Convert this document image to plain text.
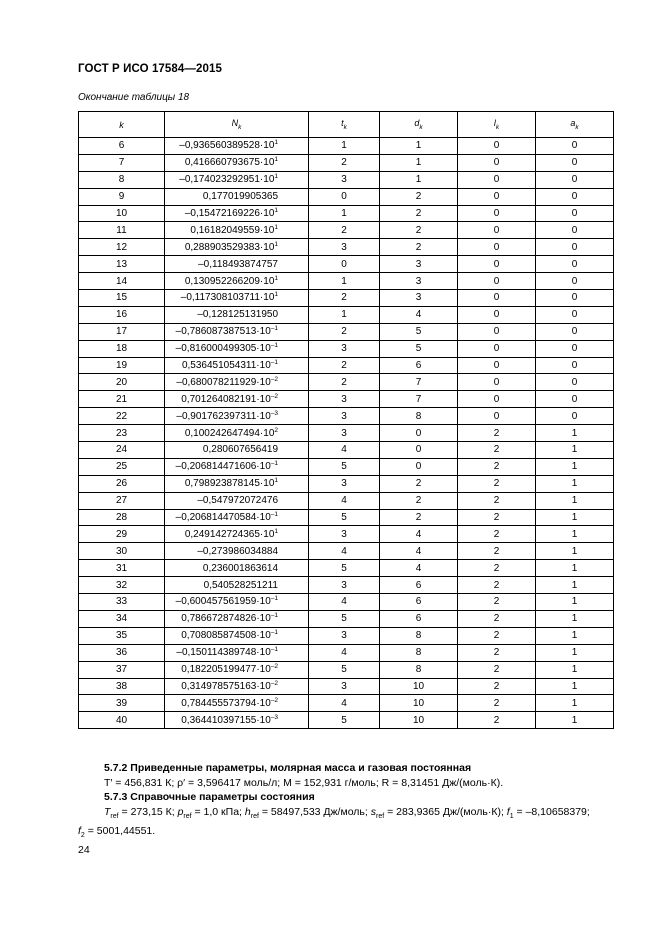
ГОСТ Р ИСО 17584—2015
Окончание таблицы 18
k	$N_k$	$t_k$	$d_k$	$l_k$	$a_k$
6	$-0,936560389528\cdot 10^1$	1	1	0	0
7	$0,416660793675\cdot 10^1$	2	1	0	0
8	$-0,174023292951\cdot 10^1$	3	1	0	0
9	0,177019905365	0	2	0	0
10	$-0,15472169226\cdot 10^1$	1	2	0	0
11	$0,16182049559\cdot 10^1$	2	2	0	0
12	$0,288903529383\cdot 10^1$	3	2	0	0
13	–0,118493874757	0	3	0	0
14	$0,130952266209\cdot 10^1$	1	3	0	0
15	$-0,117308103711\cdot 10^1$	2	3	0	0
16	–0,128125131950	1	4	0	0
17	$-0,786087387513\cdot 10^{-1}$	2	5	0	0
18	$-0,816000499305\cdot 10^{-1}$	3	5	0	0
19	$0,536451054311\cdot 10^{-1}$	2	6	0	0
20	$-0,680078211929\cdot 10^{-2}$	2	7	0	0
21	$0,701264082191\cdot 10^{-2}$	3	7	0	0
22	$-0,901762397311\cdot 10^{-3}$	3	8	0	0
23	$0,100242647494\cdot 10^2$	3	0	2	1
24	0,280607656419	4	0	2	1
25	$-0,206814471606\cdot 10^{-1}$	5	0	2	1
26	$0,798923878145\cdot 10^1$	3	2	2	1
27	–0,547972072476	4	2	2	1
28	$-0,206814470584\cdot 10^{-1}$	5	2	2	1
29	$0,249142724365\cdot 10^1$	3	4	2	1
30	–0,273986034884	4	4	2	1
31	0,236001863614	5	4	2	1
32	0,540528251211	3	6	2	1
33	$-0,600457561959\cdot 10^{-1}$	4	6	2	1
34	$0,786672874826\cdot 10^{-1}$	5	6	2	1
35	$0,708085874508\cdot 10^{-1}$	3	8	2	1
36	$-0,150114389748\cdot 10^{-1}$	4	8	2	1
37	$0,182205199477\cdot 10^{-2}$	5	8	2	1
38	$0,314978575163\cdot 10^{-2}$	3	10	2	1
39	$0,784455573794\cdot 10^{-2}$	4	10	2	1
40	$0,364410397155\cdot 10^{-3}$	5	10	2	1
5.7.2 Приведенные параметры, молярная масса и газовая постоянная
T′ = 456,831 К; ρ′ = 3,596417 моль/л; M = 152,931 г/моль; R = 8,31451 Дж/(моль·К).
5.7.3 Справочные параметры состояния
$T_{ref} = 273,15$ К; $p_{ref} = 1,0$ кПа; $h_{ref} = 58497,533$ Дж/моль; $s_{ref} = 283,9365$ Дж/(моль·К); $f_1 = -8,10658379$;
$f_2 = 5001,44551$.
24
